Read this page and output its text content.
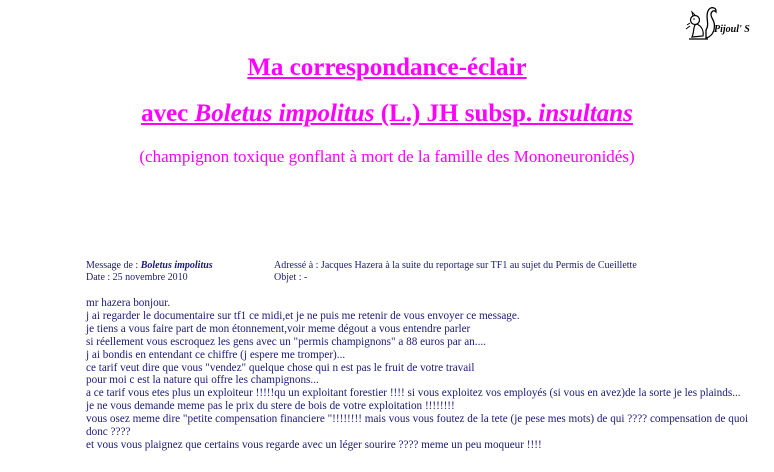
Pijoul' S
Ma correspondance-éclair
avec Boletus impolitus (L.) JH subsp. insultans
(champignon toxique gonflant à mort de la famille des Mononeuronidés)
Message de : Boletus impolitus
Date : 25 novembre 2010
Adressé à : Jacques Hazera à la suite du reportage sur TF1 au sujet du Permis de Cueillette
Objet : -
mr hazera bonjour.
j ai regarder le documentaire sur tf1 ce midi,et je ne puis me retenir de vous envoyer ce message.
je tiens a vous faire part de mon étonnement,voir meme dégout a vous entendre parler
si réellement vous escroquez les gens avec un "permis champignons" a 88 euros par an....
j ai bondis en entendant ce chiffre (j espere me tromper)...
ce tarif veut dire que vous "vendez" quelque chose qui n est pas le fruit de votre travail
pour moi c est la nature qui offre les champignons...
a ce tarif vous etes plus un exploiteur !!!!!qu un exploitant forestier !!!! si vous exploitez vos employés (si vous en avez)de la sorte je les plainds...
je ne vous demande meme pas le prix du stere de bois de votre exploitation !!!!!!!!
vous osez meme dire "petite compensation financiere "!!!!!!!! mais vous vous foutez de la tete (je pese mes mots) de qui ???? compensation de quoi donc ????
et vous vous plaignez que certains vous regarde avec un léger sourire ???? meme un peu moqueur !!!!
